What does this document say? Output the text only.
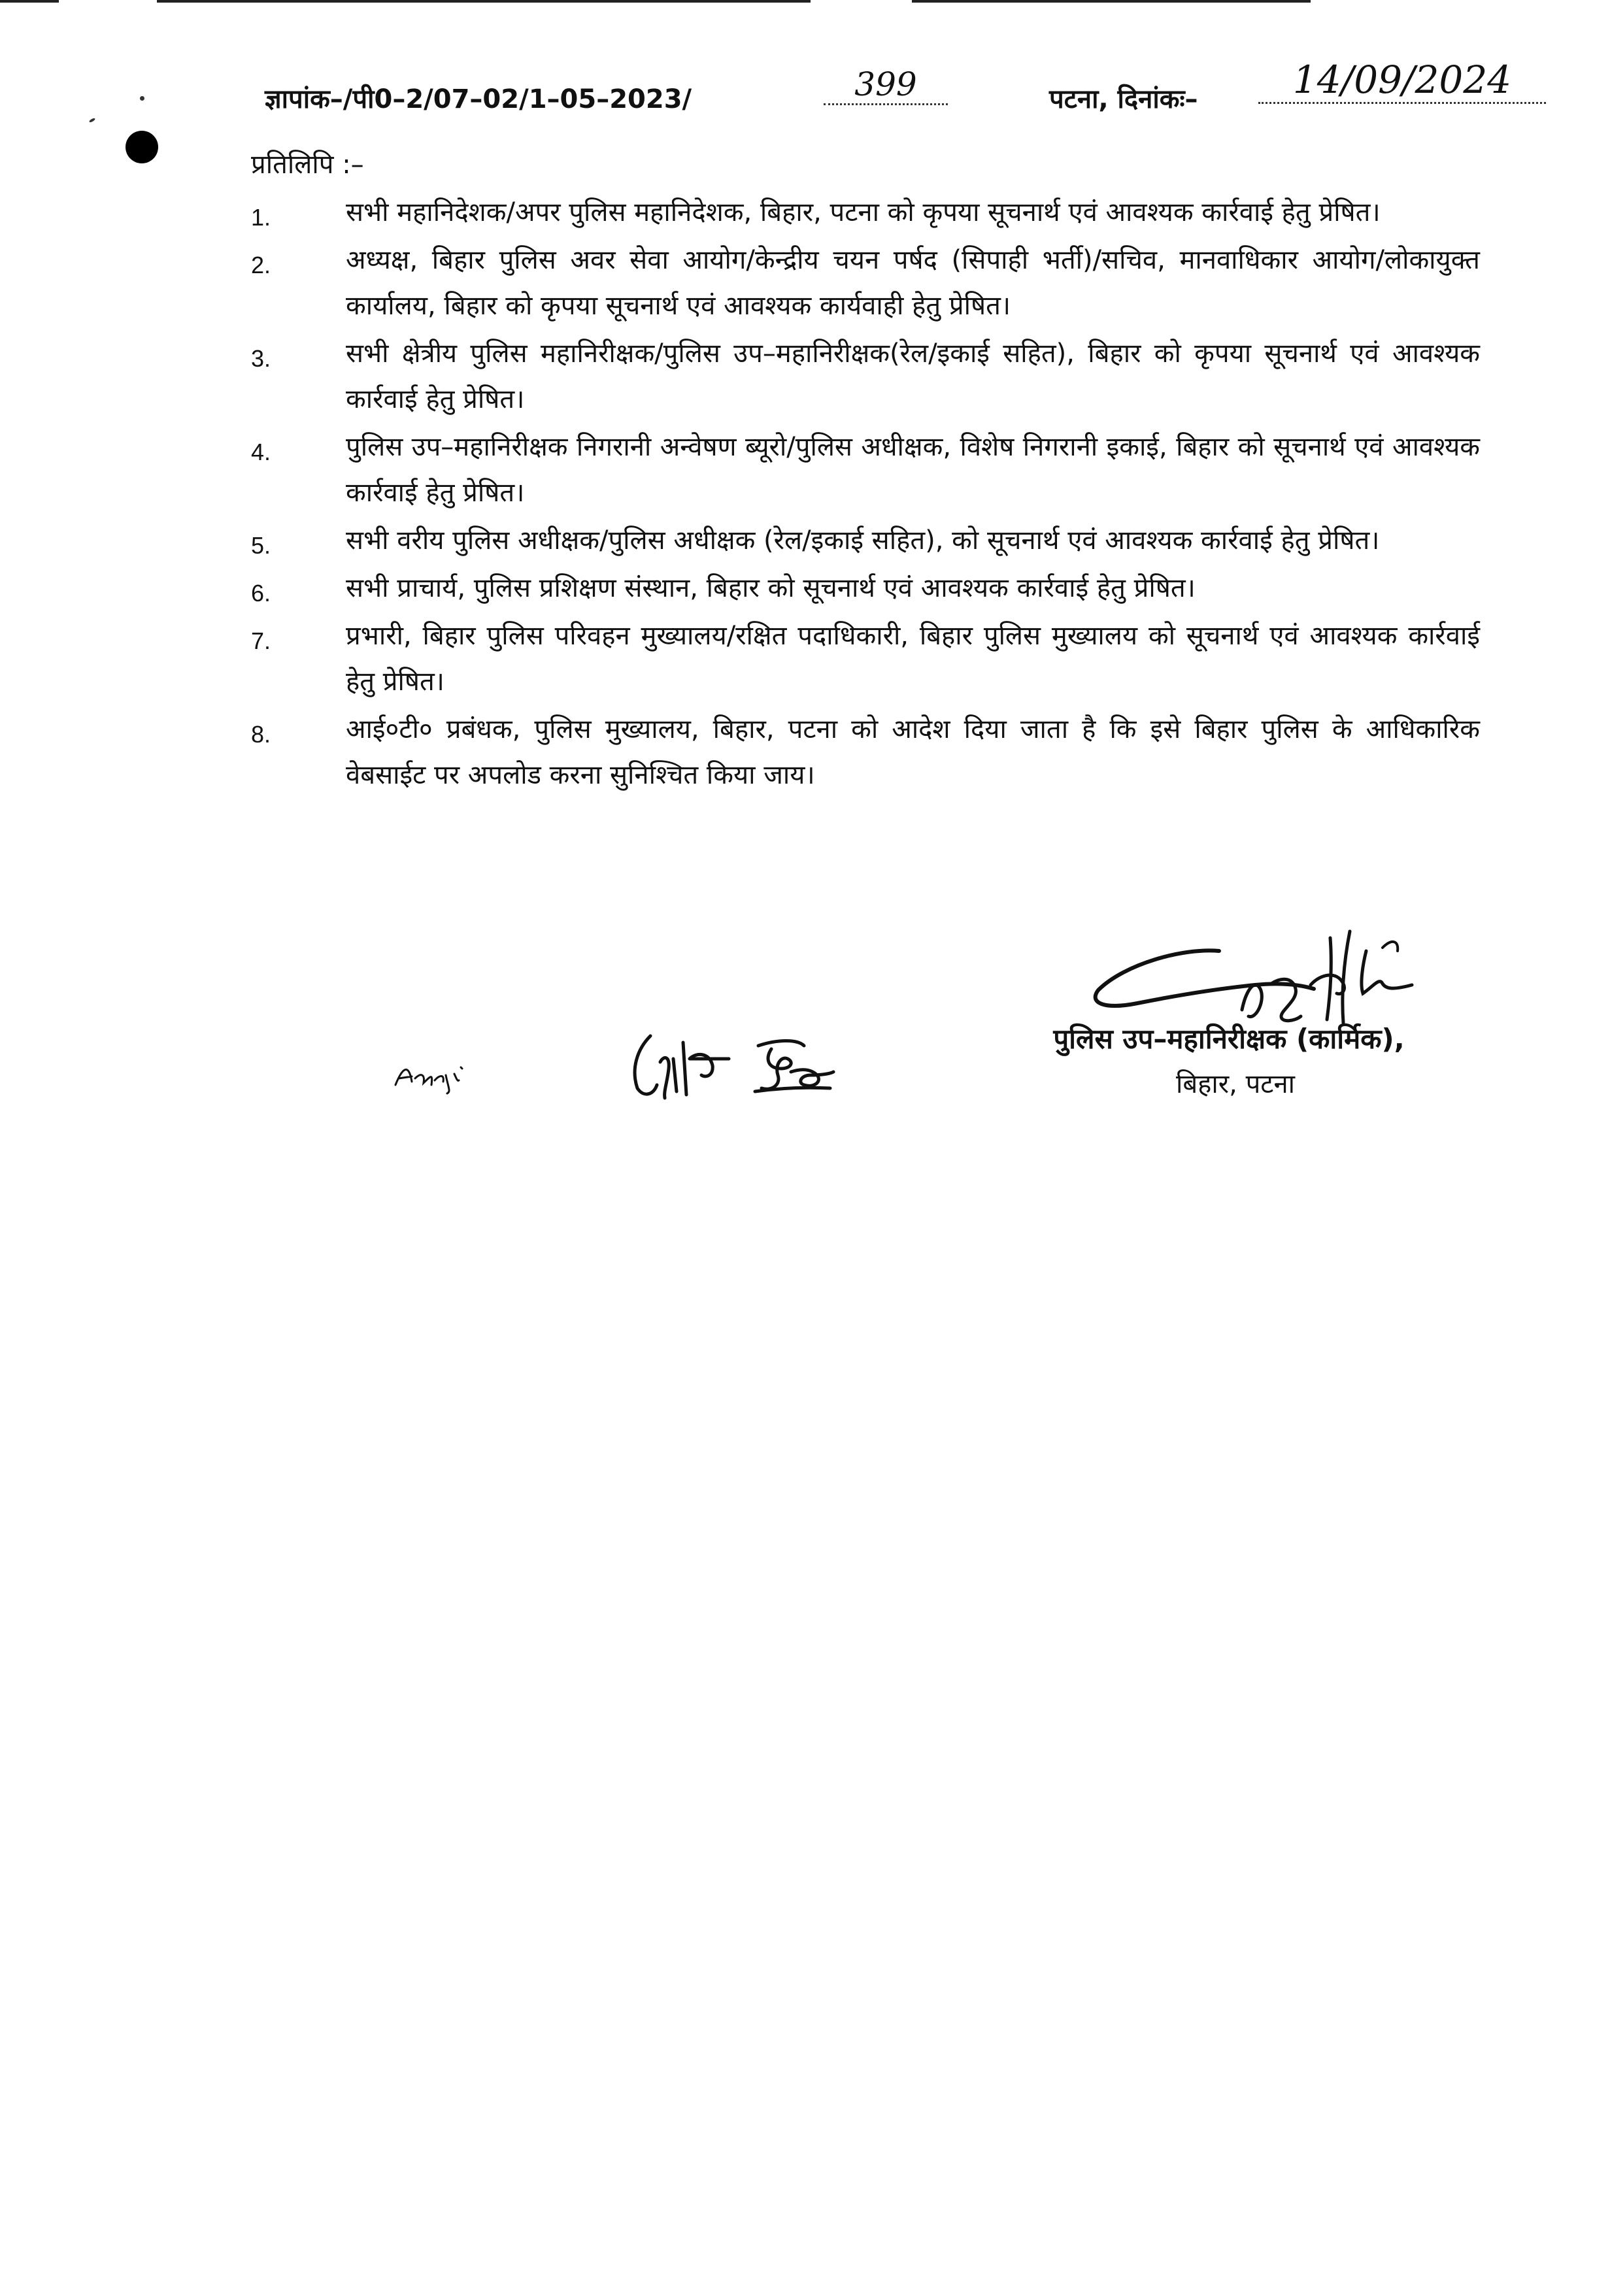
ज्ञापांक–/पी0–2/07–02/1–05–2023/	399	पटना, दिनांकः–	14/09/2024
प्रतिलिपि :–
1.	सभी महानिदेशक/अपर पुलिस महानिदेशक, बिहार, पटना को कृपया सूचनार्थ एवं आवश्यक कार्रवाई हेतु प्रेषित।
2.	अध्यक्ष, बिहार पुलिस अवर सेवा आयोग/केन्द्रीय चयन पर्षद (सिपाही भर्ती)/सचिव, मानवाधिकार आयोग/लोकायुक्त कार्यालय, बिहार को कृपया सूचनार्थ एवं आवश्यक कार्यवाही हेतु प्रेषित।
3.	सभी क्षेत्रीय पुलिस महानिरीक्षक/पुलिस उप–महानिरीक्षक(रेल/इकाई सहित), बिहार को कृपया सूचनार्थ एवं आवश्यक कार्रवाई हेतु प्रेषित।
4.	पुलिस उप–महानिरीक्षक निगरानी अन्वेषण ब्यूरो/पुलिस अधीक्षक, विशेष निगरानी इकाई, बिहार को सूचनार्थ एवं आवश्यक कार्रवाई हेतु प्रेषित।
5.	सभी वरीय पुलिस अधीक्षक/पुलिस अधीक्षक (रेल/इकाई सहित), को सूचनार्थ एवं आवश्यक कार्रवाई हेतु प्रेषित।
6.	सभी प्राचार्य, पुलिस प्रशिक्षण संस्थान, बिहार को सूचनार्थ एवं आवश्यक कार्रवाई हेतु प्रेषित।
7.	प्रभारी, बिहार पुलिस परिवहन मुख्यालय/रक्षित पदाधिकारी, बिहार पुलिस मुख्यालय को सूचनार्थ एवं आवश्यक कार्रवाई हेतु प्रेषित।
8.	आई०टी० प्रबंधक, पुलिस मुख्यालय, बिहार, पटना को आदेश दिया जाता है कि इसे बिहार पुलिस के आधिकारिक वेबसाईट पर अपलोड करना सुनिश्चित किया जाय।
पुलिस उप–महानिरीक्षक (कार्मिक),
बिहार, पटना
